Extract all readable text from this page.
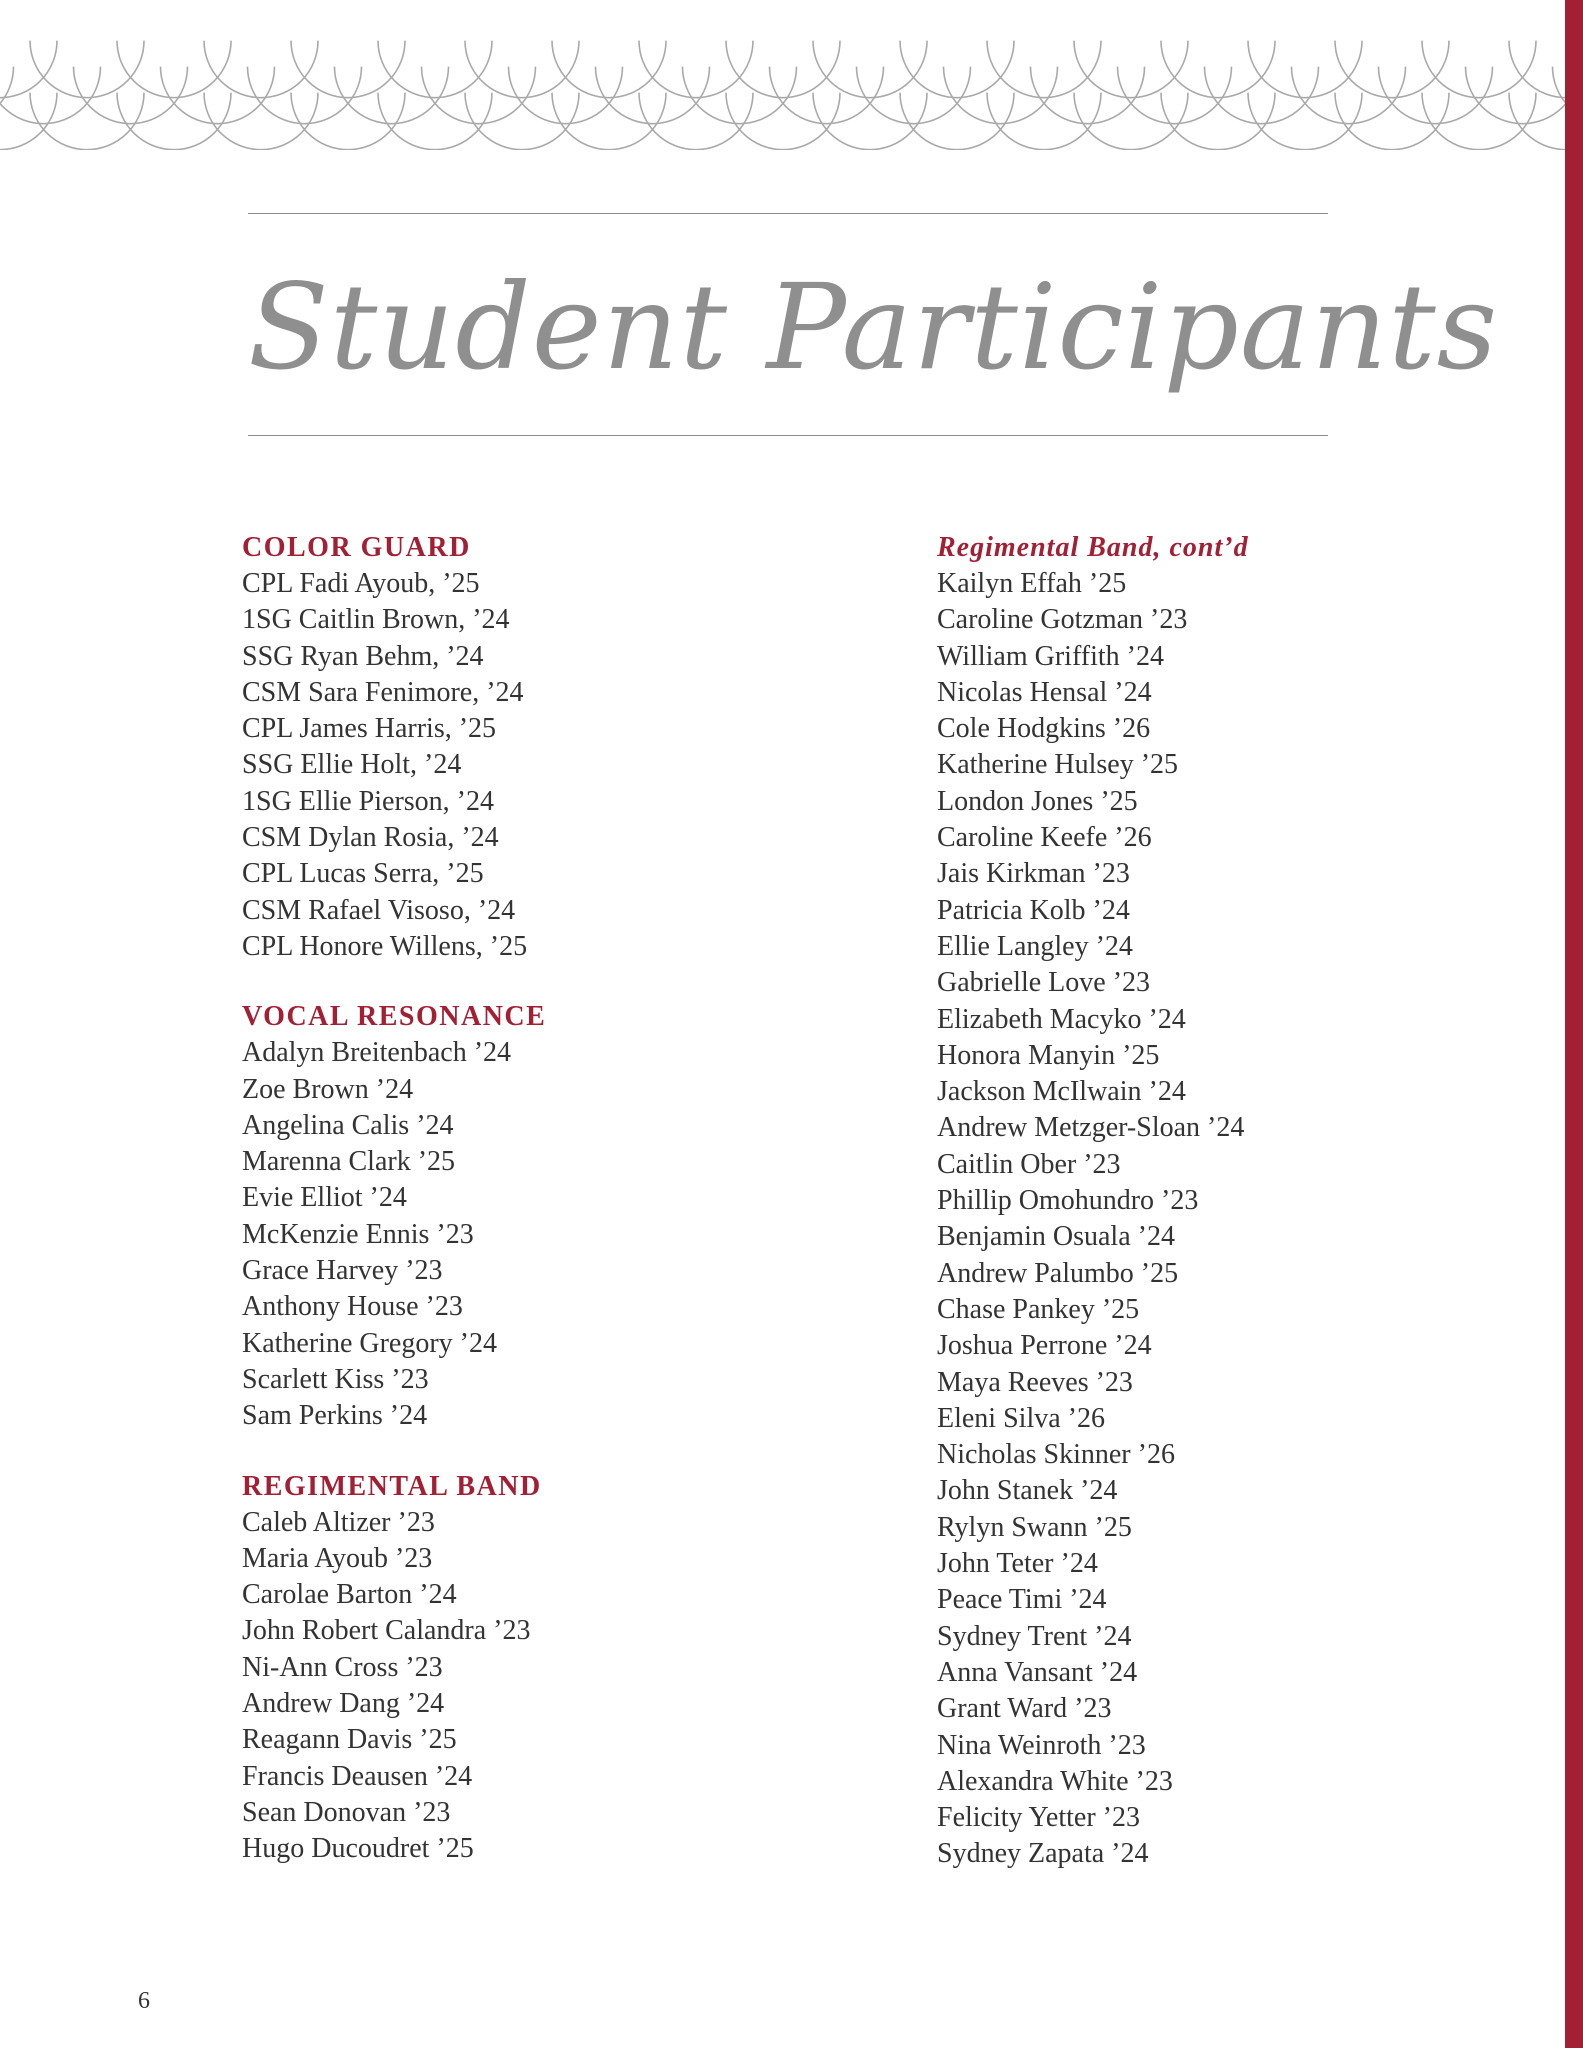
Student Participants
COLOR GUARD
CPL Fadi Ayoub, ’25
1SG Caitlin Brown, ’24
SSG Ryan Behm, ’24
CSM Sara Fenimore, ’24
CPL James Harris, ’25
SSG Ellie Holt, ’24
1SG Ellie Pierson, ’24
CSM Dylan Rosia, ’24
CPL Lucas Serra, ’25
CSM Rafael Visoso, ’24
CPL Honore Willens, ’25
VOCAL RESONANCE
Adalyn Breitenbach ’24
Zoe Brown ’24
Angelina Calis ’24
Marenna Clark ’25
Evie Elliot ’24
McKenzie Ennis ’23
Grace Harvey ’23
Anthony House ’23
Katherine Gregory ’24
Scarlett Kiss ’23
Sam Perkins ’24
REGIMENTAL BAND
Caleb Altizer ’23
Maria Ayoub ’23
Carolae Barton ’24
John Robert Calandra ’23
Ni-Ann Cross ’23
Andrew Dang ’24
Reagann Davis ’25
Francis Deausen ’24
Sean Donovan ’23
Hugo Ducoudret ’25
Regimental Band, cont’d
Kailyn Effah ’25
Caroline Gotzman ’23
William Griffith ’24
Nicolas Hensal ’24
Cole Hodgkins ’26
Katherine Hulsey ’25
London Jones ’25
Caroline Keefe ’26
Jais Kirkman ’23
Patricia Kolb ’24
Ellie Langley ’24
Gabrielle Love ’23
Elizabeth Macyko ’24
Honora Manyin ’25
Jackson McIlwain ’24
Andrew Metzger-Sloan ’24
Caitlin Ober ’23
Phillip Omohundro ’23
Benjamin Osuala ’24
Andrew Palumbo ’25
Chase Pankey ’25
Joshua Perrone ’24
Maya Reeves ’23
Eleni Silva ’26
Nicholas Skinner ’26
John Stanek ’24
Rylyn Swann ’25
John Teter ’24
Peace Timi ’24
Sydney Trent ’24
Anna Vansant ’24
Grant Ward ’23
Nina Weinroth ’23
Alexandra White ’23
Felicity Yetter ’23
Sydney Zapata ’24
6
